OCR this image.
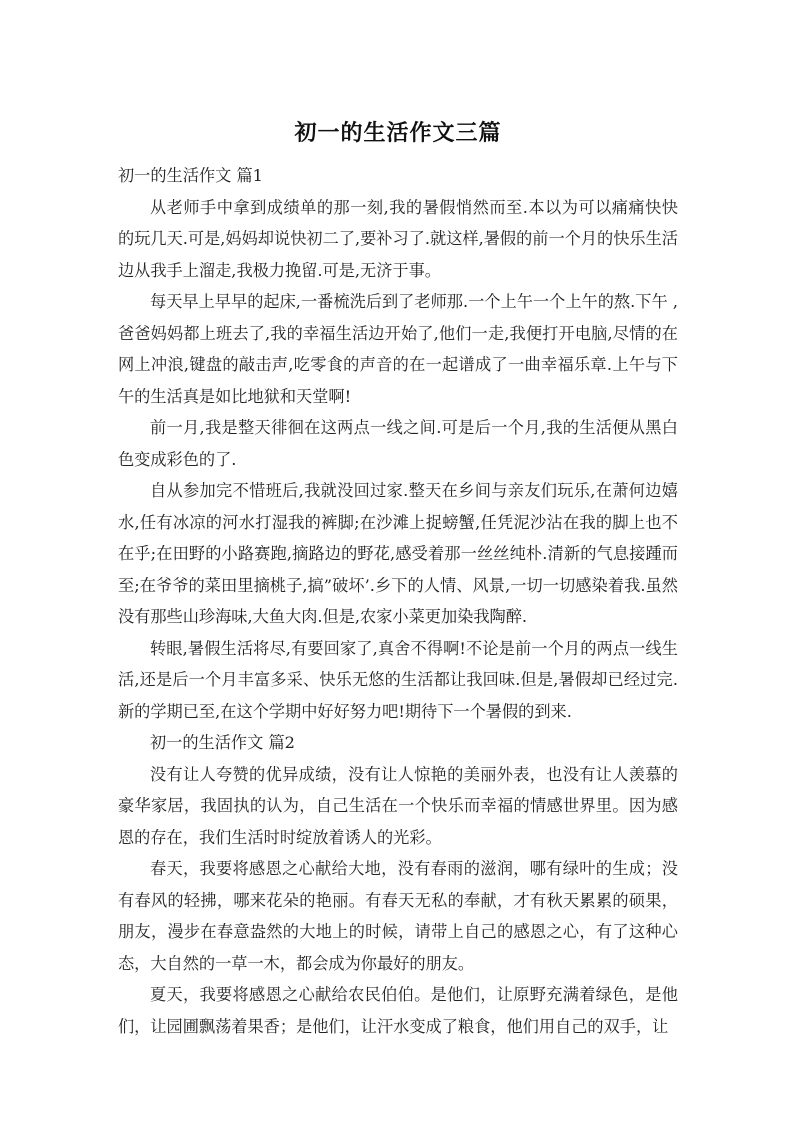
初一的生活作文三篇

初一的生活作文 篇1

从老师手中拿到成绩单的那一刻,我的暑假悄然而至.本以为可以痛痛快快的玩几天.可是,妈妈却说快初二了,要补习了.就这样,暑假的前一个月的快乐生活边从我手上溜走,我极力挽留.可是,无济于事。

每天早上早早的起床,一番梳洗后到了老师那.一个上午一个上午的熬.下午 ,爸爸妈妈都上班去了,我的幸福生活边开始了,他们一走,我便打开电脑,尽情的在网上冲浪,键盘的敲击声,吃零食的声音的在一起谱成了一曲幸福乐章.上午与下午的生活真是如比地狱和天堂啊!

前一月,我是整天徘徊在这两点一线之间.可是后一个月,我的生活便从黑白色变成彩色的了.

自从参加完不惜班后,我就没回过家.整天在乡间与亲友们玩乐,在萧何边嬉水,任有冰凉的河水打湿我的裤脚;在沙滩上捉螃蟹,任凭泥沙沾在我的脚上也不在乎;在田野的小路赛跑,摘路边的野花,感受着那一丝丝纯朴.清新的气息接踵而至;在爷爷的菜田里摘桃子,搞”破坏’.乡下的人情、风景,一切一切感染着我.虽然没有那些山珍海味,大鱼大肉.但是,农家小菜更加染我陶醉.

转眼,暑假生活将尽,有要回家了,真舍不得啊!不论是前一个月的两点一线生活,还是后一个月丰富多采、快乐无悠的生活都让我回味.但是,暑假却已经过完.新的学期已至,在这个学期中好好努力吧!期待下一个暑假的到来.

初一的生活作文 篇2

没有让人夸赞的优异成绩，没有让人惊艳的美丽外表，也没有让人羡慕的豪华家居，我固执的认为，自己生活在一个快乐而幸福的情感世界里。因为感恩的存在，我们生活时时绽放着诱人的光彩。

春天，我要将感恩之心献给大地，没有春雨的滋润，哪有绿叶的生成；没有春风的轻拂，哪来花朵的艳丽。有春天无私的奉献，才有秋天累累的硕果，朋友，漫步在春意盎然的大地上的时候，请带上自己的感恩之心，有了这种心态，大自然的一草一木，都会成为你最好的朋友。

夏天，我要将感恩之心献给农民伯伯。是他们，让原野充满着绿色，是他们，让园圃飘荡着果香；是他们，让汗水变成了粮食，他们用自己的双手，让
